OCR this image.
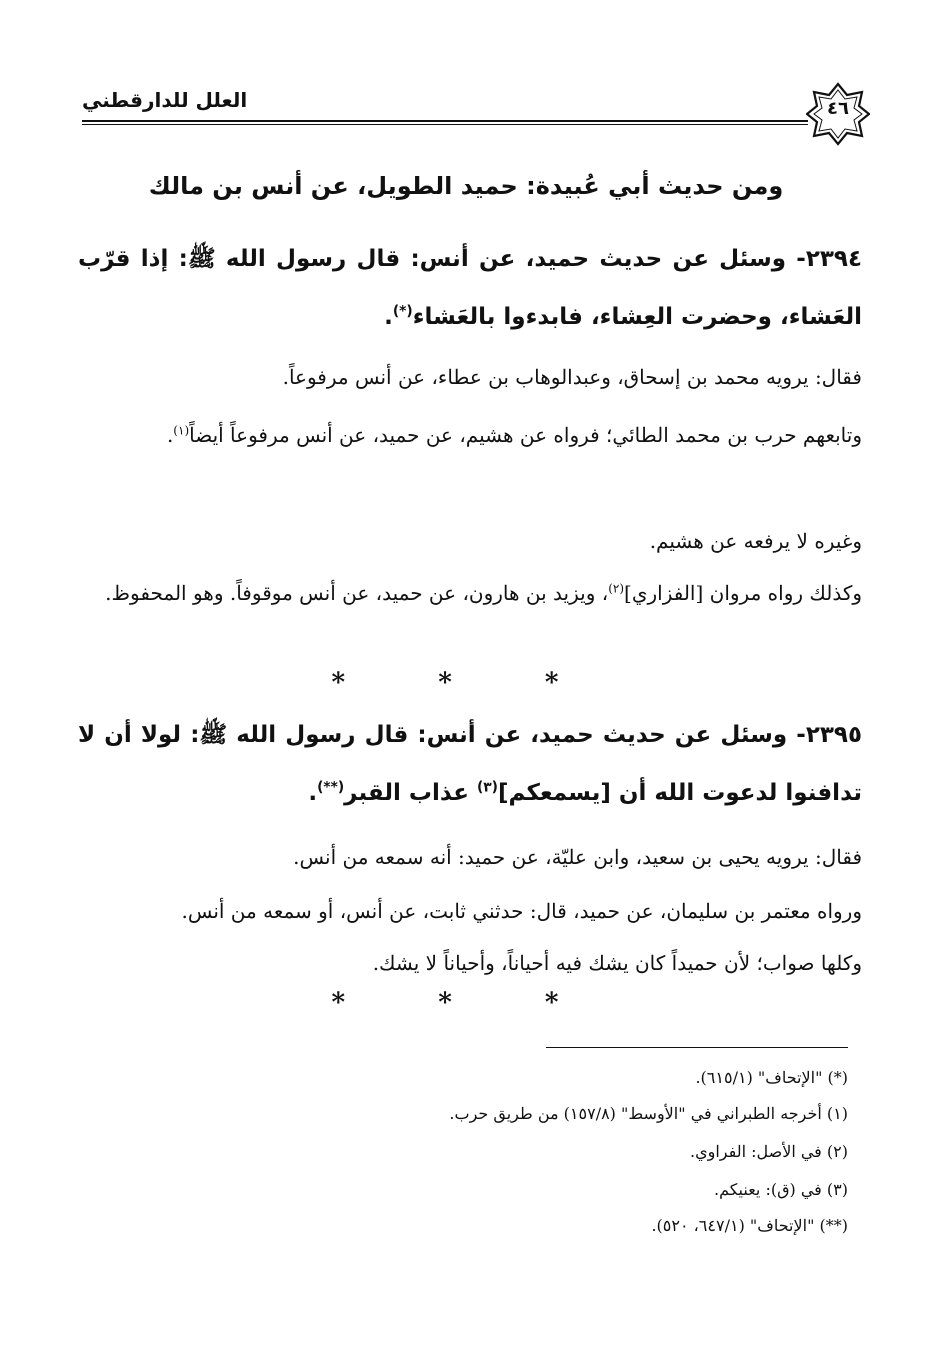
العلل للدارقطني	٤٦
ومن حديث أبي عُبيدة: حميد الطويل، عن أنس بن مالك
٢٣٩٤- وسئل عن حديث حميد، عن أنس: قال رسول الله ﷺ: إذا قرّب العَشاء، وحضرت العِشاء، فابدءوا بالعَشاء(*).
فقال: يرويه محمد بن إسحاق، وعبدالوهاب بن عطاء، عن أنس مرفوعاً.
وتابعهم حرب بن محمد الطائي؛ فرواه عن هشيم، عن حميد، عن أنس مرفوعاً أيضاً$^{(١)}$.
وغيره لا يرفعه عن هشيم.
وكذلك رواه مروان [الفزاري]$^{(٢)}$، ويزيد بن هارون، عن حميد، عن أنس موقوفاً. وهو المحفوظ.
* * *
٢٣٩٥- وسئل عن حديث حميد، عن أنس: قال رسول الله ﷺ: لولا أن لا تدافنوا لدعوت الله أن [يسمعكم]$^{(٣)}$ عذاب القبر(**).
فقال: يرويه يحيى بن سعيد، وابن عليّة، عن حميد: أنه سمعه من أنس.
ورواه معتمر بن سليمان، عن حميد، قال: حدثني ثابت، عن أنس، أو سمعه من أنس.
وكلها صواب؛ لأن حميداً كان يشك فيه أحياناً، وأحياناً لا يشك.
* * *
(*) "الإتحاف" (٦١٥/١).
(١) أخرجه الطبراني في "الأوسط" (١٥٧/٨) من طريق حرب.
(٢) في الأصل: الفراوي.
(٣) في (ق): يعنيكم.
(**) "الإتحاف" (٦٤٧/١، ٥٢٠).
